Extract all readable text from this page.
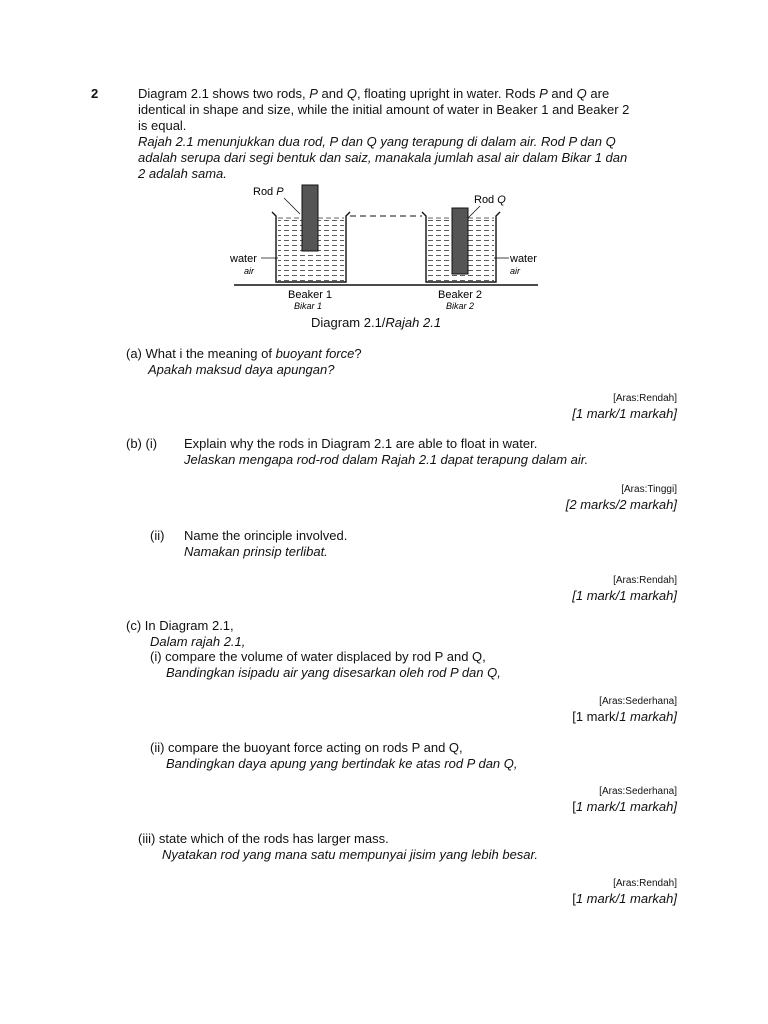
2	Diagram 2.1 shows two rods, P and Q, floating upright in water. Rods P and Q are
identical in shape and size, while the initial amount of water in Beaker 1 and Beaker 2
is equal.
Rajah 2.1 menunjukkan dua rod, P dan Q yang terapung di dalam air. Rod P dan Q
adalah serupa dari segi bentuk dan saiz, manakala jumlah asal air dalam Bikar 1 dan
2 adalah sama.
Rod P
Rod Q
water
air
water
air
Beaker 1
Bikar 1
Beaker 2
Bikar 2
Diagram 2.1/Rajah 2.1
(a) What i the meaning of buoyant force?
Apakah maksud daya apungan?
[Aras:Rendah]
[1 mark/1 markah]
(b) (i) Explain why the rods in Diagram 2.1 are able to float in water.
Jelaskan mengapa rod-rod dalam Rajah 2.1 dapat terapung dalam air.
[Aras:Tinggi]
[2 marks/2 markah]
(ii) Name the orinciple involved.
Namakan prinsip terlibat.
[Aras:Rendah]
[1 mark/1 markah]
(c) In Diagram 2.1,
Dalam rajah 2.1,
(i) compare the volume of water displaced by rod P and Q,
Bandingkan isipadu air yang disesarkan oleh rod P dan Q,
[Aras:Sederhana]
[1 mark/1 markah]
(ii) compare the buoyant force acting on rods P and Q,
Bandingkan daya apung yang bertindak ke atas rod P dan Q,
[Aras:Sederhana]
[1 mark/1 markah]
(iii) state which of the rods has larger mass.
Nyatakan rod yang mana satu mempunyai jisim yang lebih besar.
[Aras:Rendah]
[1 mark/1 markah]
